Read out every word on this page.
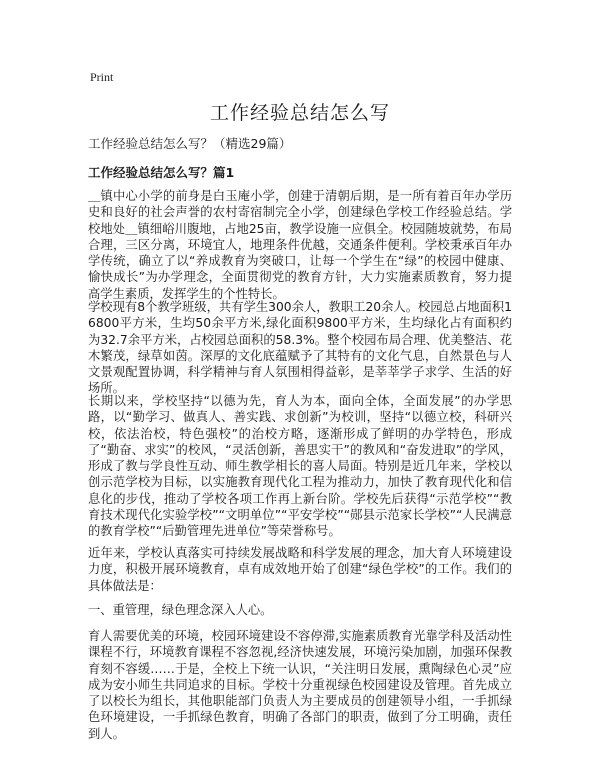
Print
工作经验总结怎么写

工作经验总结怎么写？（精选29篇）

工作经验总结怎么写？篇1

＿镇中心小学的前身是白玉庵小学，创建于清朝后期，是一所有着百年办学历史和良好的社会声誉的农村寄宿制完全小学，创建绿色学校工作经验总结。学校地处＿镇细峪川腹地，占地25亩，教学设施一应俱全。校园随坡就势，布局合理，三区分离，环境宜人，地理条件优越，交通条件便利。学校秉承百年办学传统，确立了以“养成教育为突破口，让每一个学生在“绿”的校园中健康、愉快成长”为办学理念，全面贯彻党的教育方针，大力实施素质教育，努力提高学生素质，发挥学生的个性特长。

学校现有8个教学班级，共有学生300余人，教职工20余人。校园总占地面积16800平方米，生均50余平方米,绿化面积9800平方米，生均绿化占有面积约为32.7余平方米，占校园总面积的58.3%。整个校园布局合理、优美整洁、花木繁茂，绿草如茵。深厚的文化底蕴赋予了其特有的文化气息，自然景色与人文景观配置协调，科学精神与育人氛围相得益彰，是莘莘学子求学、生活的好场所。

长期以来，学校坚持“以德为先，育人为本，面向全体，全面发展”的办学思路，以“勤学习、做真人、善实践、求创新”为校训，坚持“以德立校，科研兴校，依法治校，特色强校”的治校方略，逐渐形成了鲜明的办学特色，形成了“勤奋、求实”的校风，“灵活创新，善思实干”的教风和“奋发进取”的学风，形成了教与学良性互动、师生教学相长的喜人局面。特别是近几年来，学校以创示范学校为目标，以实施教育现代化工程为推动力，加快了教育现代化和信息化的步伐，推动了学校各项工作再上新台阶。学校先后获得“示范学校”“教育技术现代化实验学校”“文明单位”“平安学校”“郧县示范家长学校”“人民满意的教育学校”“后勤管理先进单位”等荣誉称号。

近年来，学校认真落实可持续发展战略和科学发展的理念，加大育人环境建设力度，积极开展环境教育，卓有成效地开始了创建“绿色学校”的工作。我们的具体做法是：

一、重管理，绿色理念深入人心。

育人需要优美的环境，校园环境建设不容停滞,实施素质教育光靠学科及活动性课程不行，环境教育课程不容忽视,经济快速发展，环境污染加剧，加强环保教育刻不容缓……于是，全校上下统一认识，“关注明日发展，熏陶绿色心灵”应成为安小师生共同追求的目标。学校十分重视绿色校园建设及管理。首先成立了以校长为组长，其他职能部门负责人为主要成员的创建领导小组，一手抓绿色环境建设，一手抓绿色教育，明确了各部门的职责，做到了分工明确，责任到人。
